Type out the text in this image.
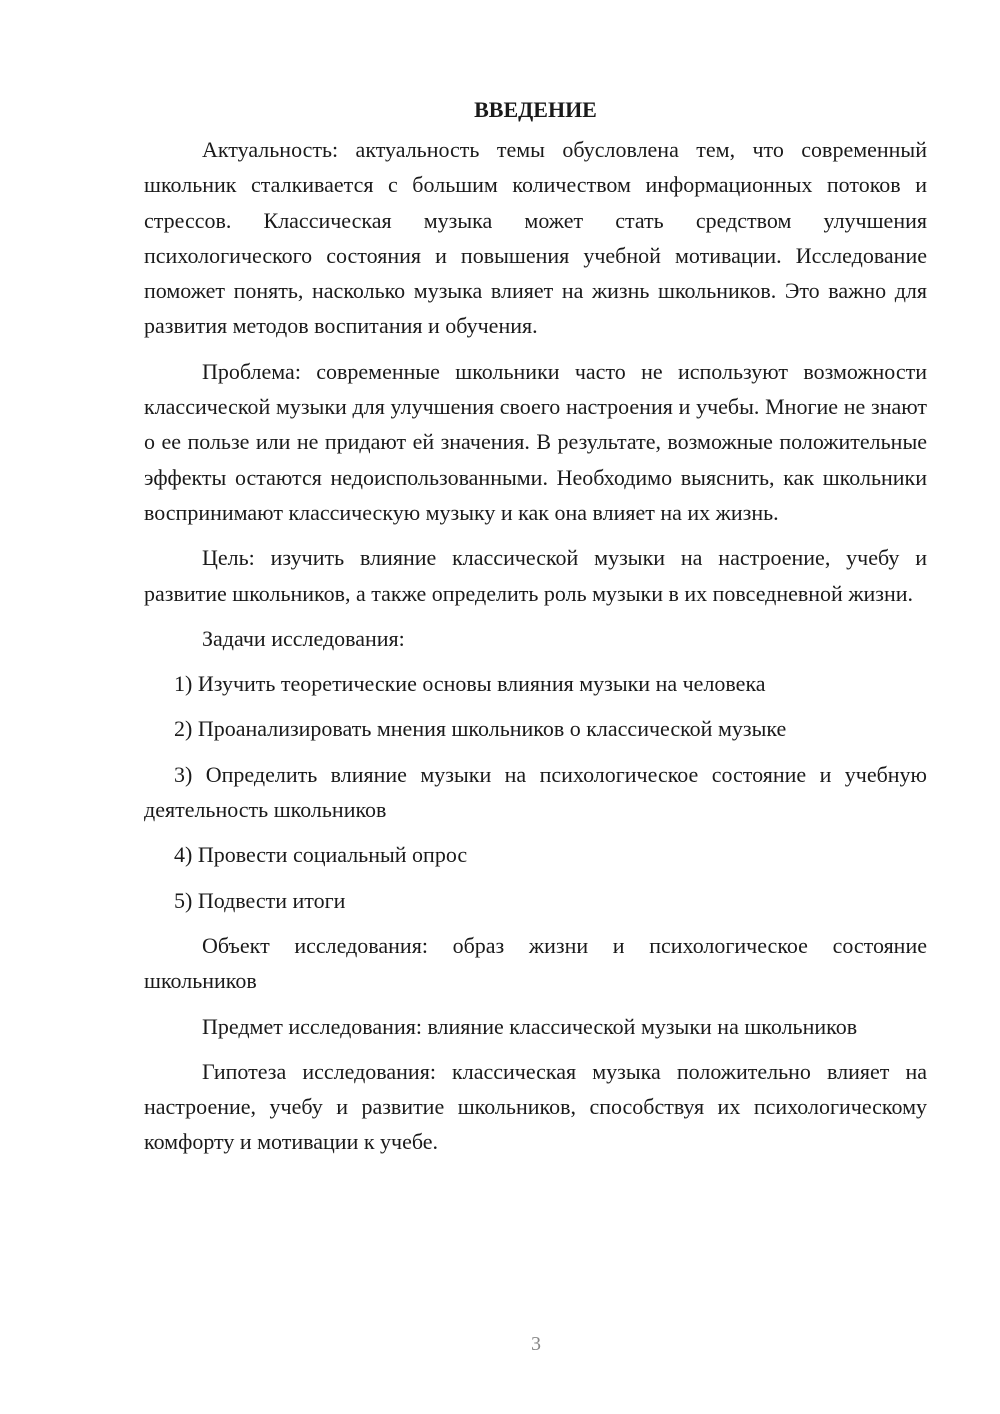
ВВЕДЕНИЕ

Актуальность: актуальность темы обусловлена тем, что современный школьник сталкивается с большим количеством информационных потоков и стрессов. Классическая музыка может стать средством улучшения психологического состояния и повышения учебной мотивации. Исследование поможет понять, насколько музыка влияет на жизнь школьников. Это важно для развития методов воспитания и обучения.

Проблема: современные школьники часто не используют возможности классической музыки для улучшения своего настроения и учебы. Многие не знают о ее пользе или не придают ей значения. В результате, возможные положительные эффекты остаются недоиспользованными. Необходимо выяснить, как школьники воспринимают классическую музыку и как она влияет на их жизнь.

Цель: изучить влияние классической музыки на настроение, учебу и развитие школьников, а также определить роль музыки в их повседневной жизни.

Задачи исследования:

1) Изучить теоретические основы влияния музыки на человека

2) Проанализировать мнения школьников о классической музыке

3) Определить влияние музыки на психологическое состояние и учебную деятельность школьников

4) Провести социальный опрос

5) Подвести итоги

Объект исследования: образ жизни и психологическое состояние школьников

Предмет исследования: влияние классической музыки на школьников

Гипотеза исследования: классическая музыка положительно влияет на настроение, учебу и развитие школьников, способствуя их психологическому комфорту и мотивации к учебе.

3
